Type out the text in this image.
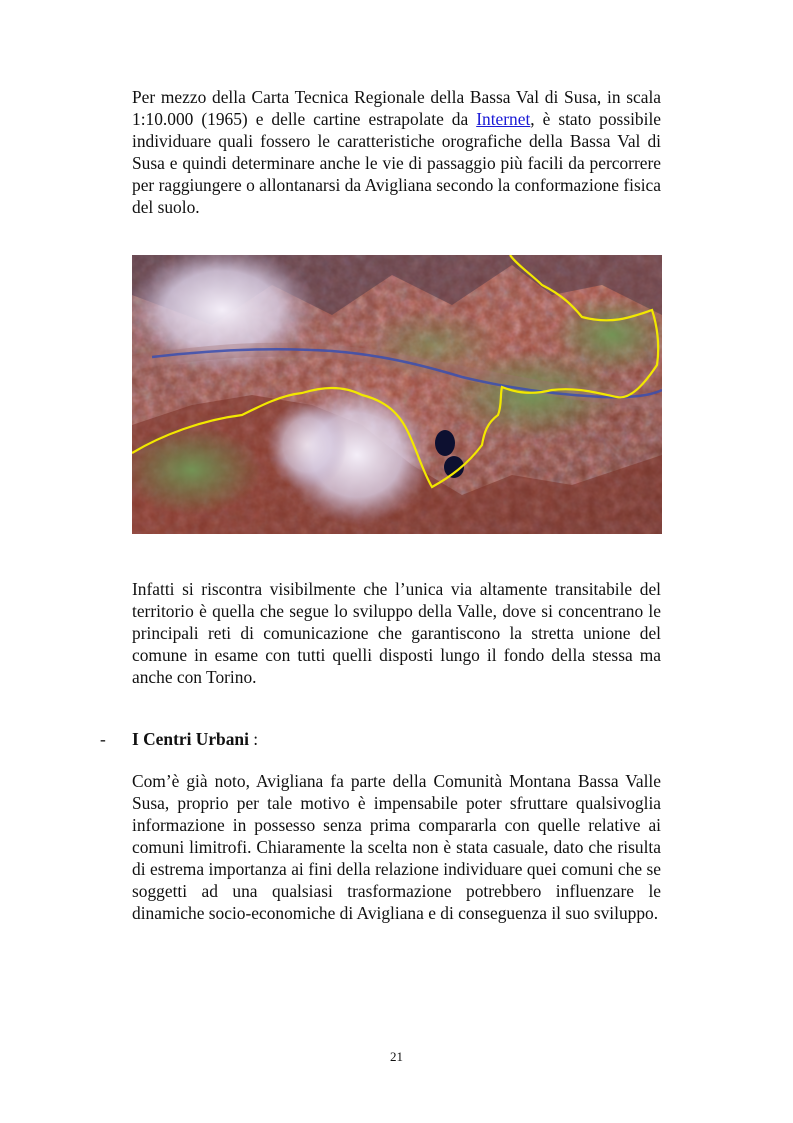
Per mezzo della Carta Tecnica Regionale della Bassa Val di Susa, in scala 1:10.000 (1965) e delle cartine estrapolate da Internet, è stato possibile individuare quali fossero le caratteristiche orografiche della Bassa Val di Susa e quindi determinare anche le vie di passaggio più facili da percorrere per raggiungere o allontanarsi da Avigliana secondo la conformazione fisica del suolo.

Infatti si riscontra visibilmente che l’unica via altamente transitabile del territorio è quella che segue lo sviluppo della Valle, dove si concentrano le principali reti di comunicazione che garantiscono la stretta unione del comune in esame con tutti quelli disposti lungo il fondo della stessa ma anche con Torino.

-	I Centri Urbani :

Com’è già noto, Avigliana fa parte della Comunità Montana Bassa Valle Susa, proprio per tale motivo è impensabile poter sfruttare qualsivoglia informazione in possesso senza prima compararla con quelle relative ai comuni limitrofi. Chiaramente la scelta non è stata casuale, dato che risulta di estrema importanza ai fini della relazione individuare quei comuni che se soggetti ad una qualsiasi trasformazione potrebbero influenzare le dinamiche socio-economiche di Avigliana e di conseguenza il suo sviluppo.

21
